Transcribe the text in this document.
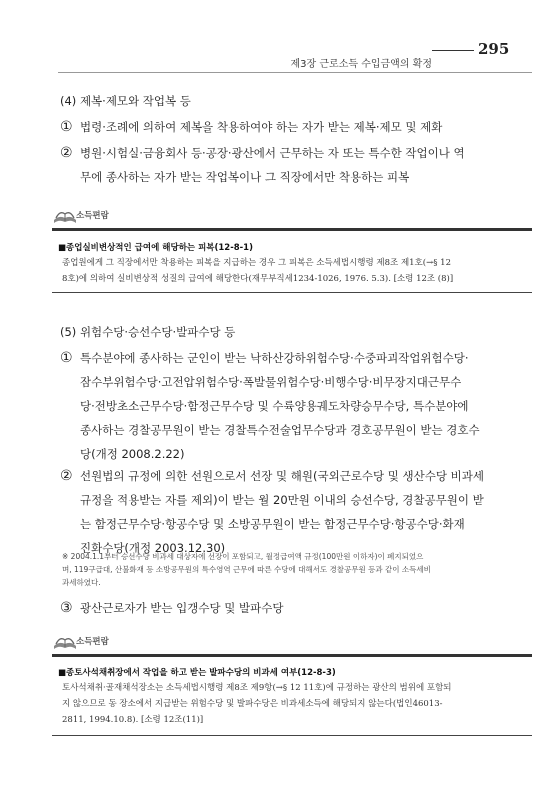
제3장 근로소득 수입금액의 확정
295
(4) 제복·제모와 작업복 등
① 법령·조례에 의하여 제복을 착용하여야 하는 자가 받는 제복·제모 및 제화
② 병원·시험실·금융회사 등·공장·광산에서 근무하는 자 또는 특수한 작업이나 역
무에 종사하는 자가 받는 작업복이나 그 직장에서만 착용하는 피복
소득편람
■종업실비변상적인 급여에 해당하는 피복(12-8-1)
종업원에게 그 직장에서만 착용하는 피복을 지급하는 경우 그 피복은 소득세법시행령 제8조 제1호(→§ 12
8호)에 의하여 실비변상적 성질의 급여에 해당한다(재무부직세1234-1026, 1976. 5.3). [소령 12조 (8)]
(5) 위험수당·승선수당·발파수당 등
① 특수분야에 종사하는 군인이 받는 낙하산강하위험수당·수중파괴작업위험수당·
잠수부위험수당·고전압위험수당·폭발물위험수당·비행수당·비무장지대근무수
당·전방초소근무수당·함정근무수당 및 수륙양용궤도차량승무수당, 특수분야에
종사하는 경찰공무원이 받는 경찰특수전술업무수당과 경호공무원이 받는 경호수
당(개정 2008.2.22)
② 선원법의 규정에 의한 선원으로서 선장 및 해원(국외근로수당 및 생산수당 비과세
규정을 적용받는 자를 제외)이 받는 월 20만원 이내의 승선수당, 경찰공무원이 받
는 함정근무수당·항공수당 및 소방공무원이 받는 함정근무수당·항공수당·화재
진화수당(개정 2003.12.30)
※ 2004.1.1부터 승선수당 비과세 대상자에 선장이 포함되고, 월정급여액 규정(100만원 이하자)이 폐지되었으
며, 119구급대, 산불화재 등 소방공무원의 특수영역 근무에 따른 수당에 대해서도 경찰공무원 등과 같이 소득세비
과세하였다.
③ 광산근로자가 받는 입갱수당 및 발파수당
소득편람
■종토사석채취장에서 작업을 하고 받는 발파수당의 비과세 여부(12-8-3)
토사석채취·골재채석장소는 소득세법시행령 제8조 제9항(→§ 12 11호)에 규정하는 광산의 범위에 포함되
지 않으므로 동 장소에서 지급받는 위험수당 및 발파수당은 비과세소득에 해당되지 않는다(법인46013-
2811, 1994.10.8). [소령 12조(11)]
